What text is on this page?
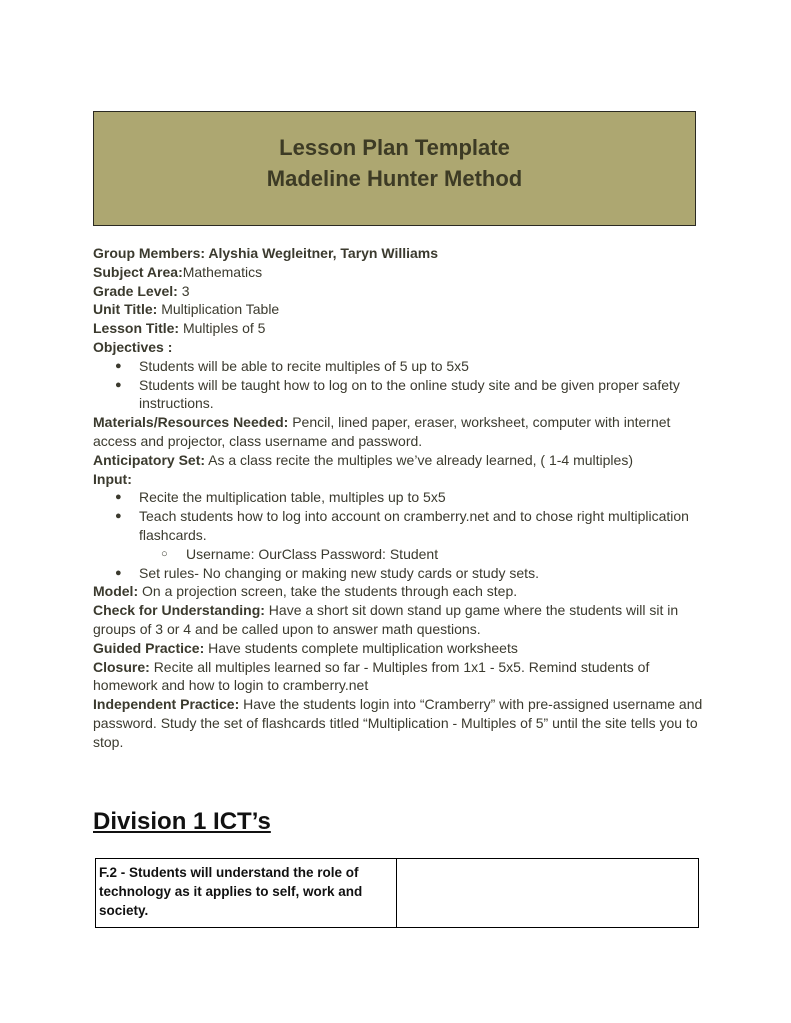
Lesson Plan Template
Madeline Hunter Method

Group Members: Alyshia Wegleitner, Taryn Williams

Subject Area:Mathematics

Grade Level: 3

Unit Title: Multiplication Table

Lesson Title: Multiples of 5

Objectives :

● Students will be able to recite multiples of 5 up to 5x5
● Students will be taught how to log on to the online study site and be given proper safety instructions.

Materials/Resources Needed: Pencil, lined paper, eraser, worksheet, computer with internet access and projector, class username and password.

Anticipatory Set: As a class recite the multiples we’ve already learned, ( 1-4 multiples)

Input:

● Recite the multiplication table, multiples up to 5x5
● Teach students how to log into account on cramberry.net and to chose right multiplication flashcards.
○ Username: OurClass Password: Student
● Set rules- No changing or making new study cards or study sets.

Model: On a projection screen, take the students through each step.

Check for Understanding: Have a short sit down stand up game where the students will sit in groups of 3 or 4 and be called upon to answer math questions.

Guided Practice: Have students complete multiplication worksheets

Closure: Recite all multiples learned so far - Multiples from 1x1 - 5x5. Remind students of homework and how to login to cramberry.net

Independent Practice: Have the students login into “Cramberry” with pre-assigned username and password. Study the set of flashcards titled “Multiplication - Multiples of 5” until the site tells you to stop.

Division 1 ICT’s
F.2 - Students will understand the role of technology as it applies to self, work and society.	
